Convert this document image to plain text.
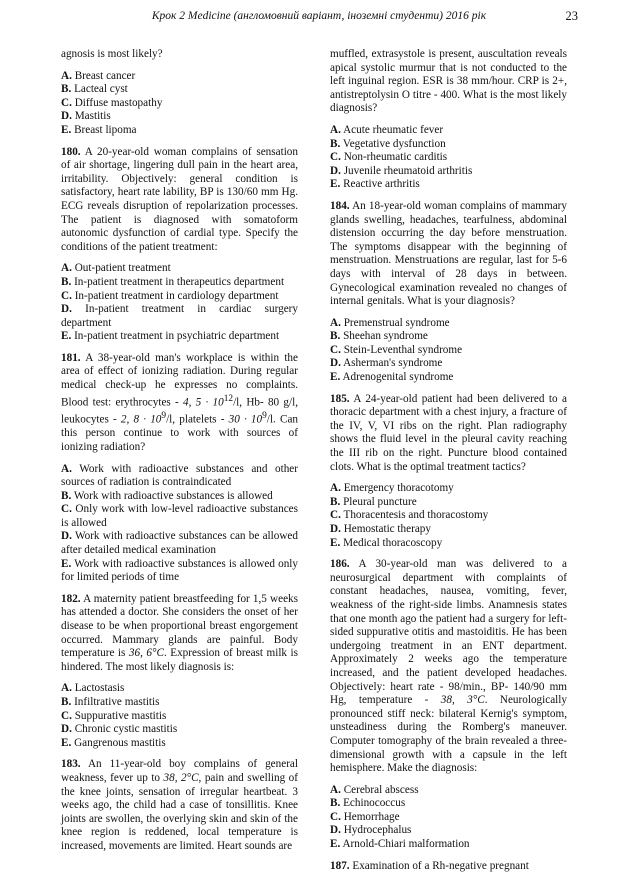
Крок 2 Medicine (англомовний варіант, іноземні студенти) 2016 рік	23

agnosis is most likely?

A. Breast cancer
B. Lacteal cyst
C. Diffuse mastopathy
D. Mastitis
E. Breast lipoma

180. A 20-year-old woman complains of sensation of air shortage, lingering dull pain in the heart area, irritability. Objectively: general condition is satisfactory, heart rate lability, BP is 130/60 mm Hg. ECG reveals disruption of repolarization processes. The patient is diagnosed with somatoform autonomic dysfunction of cardial type. Specify the conditions of the patient treatment:

A. Out-patient treatment
B. In-patient treatment in therapeutics department
C. In-patient treatment in cardiology department
D. In-patient treatment in cardiac surgery department
E. In-patient treatment in psychiatric department

181. A 38-year-old man's workplace is within the area of effect of ionizing radiation. During regular medical check-up he expresses no complaints. Blood test: erythrocytes - 4, $5 \cdot 10^{12}/l$, Hb- 80 g/l, leukocytes - 2, $8 \cdot 10^9/l$, platelets - $30 \cdot 10^9/l$. Can this person continue to work with sources of ionizing radiation?

A. Work with radioactive substances and other sources of radiation is contraindicated
B. Work with radioactive substances is allowed
C. Only work with low-level radioactive substances is allowed
D. Work with radioactive substances can be allowed after detailed medical examination
E. Work with radioactive substances is allowed only for limited periods of time

182. A maternity patient breastfeeding for 1,5 weeks has attended a doctor. She considers the onset of her disease to be when proportional breast engorgement occurred. Mammary glands are painful. Body temperature is 36, 6°C. Expression of breast milk is hindered. The most likely diagnosis is:

A. Lactostasis
B. Infiltrative mastitis
C. Suppurative mastitis
D. Chronic cystic mastitis
E. Gangrenous mastitis

183. An 11-year-old boy complains of general weakness, fever up to 38, 2°C, pain and swelling of the knee joints, sensation of irregular heartbeat. 3 weeks ago, the child had a case of tonsillitis. Knee joints are swollen, the overlying skin and skin of the knee region is reddened, local temperature is increased, movements are limited. Heart sounds are

muffled, extrasystole is present, auscultation reveals apical systolic murmur that is not conducted to the left inguinal region. ESR is 38 mm/hour. CRP is 2+, antistreptolysin O titre - 400. What is the most likely diagnosis?

A. Acute rheumatic fever
B. Vegetative dysfunction
C. Non-rheumatic carditis
D. Juvenile rheumatoid arthritis
E. Reactive arthritis

184. An 18-year-old woman complains of mammary glands swelling, headaches, tearfulness, abdominal distension occurring the day before menstruation. The symptoms disappear with the beginning of menstruation. Menstruations are regular, last for 5-6 days with interval of 28 days in between. Gynecological examination revealed no changes of internal genitals. What is your diagnosis?

A. Premenstrual syndrome
B. Sheehan syndrome
C. Stein-Leventhal syndrome
D. Asherman's syndrome
E. Adrenogenital syndrome

185. A 24-year-old patient had been delivered to a thoracic department with a chest injury, a fracture of the IV, V, VI ribs on the right. Plan radiography shows the fluid level in the pleural cavity reaching the III rib on the right. Puncture blood contained clots. What is the optimal treatment tactics?

A. Emergency thoracotomy
B. Pleural puncture
C. Thoracentesis and thoracostomy
D. Hemostatic therapy
E. Medical thoracoscopy

186. A 30-year-old man was delivered to a neurosurgical department with complaints of constant headaches, nausea, vomiting, fever, weakness of the right-side limbs. Anamnesis states that one month ago the patient had a surgery for left-sided suppurative otitis and mastoiditis. He has been undergoing treatment in an ENT department. Approximately 2 weeks ago the temperature increased, and the patient developed headaches. Objectively: heart rate - 98/min., BP- 140/90 mm Hg, temperature - 38, 3°C. Neurologically pronounced stiff neck: bilateral Kernig's symptom, unsteadiness during the Romberg's maneuver. Computer tomography of the brain revealed a three-dimensional growth with a capsule in the left hemisphere. Make the diagnosis:

A. Cerebral abscess
B. Echinococcus
C. Hemorrhage
D. Hydrocephalus
E. Arnold-Chiari malformation

187. Examination of a Rh-negative pregnant
